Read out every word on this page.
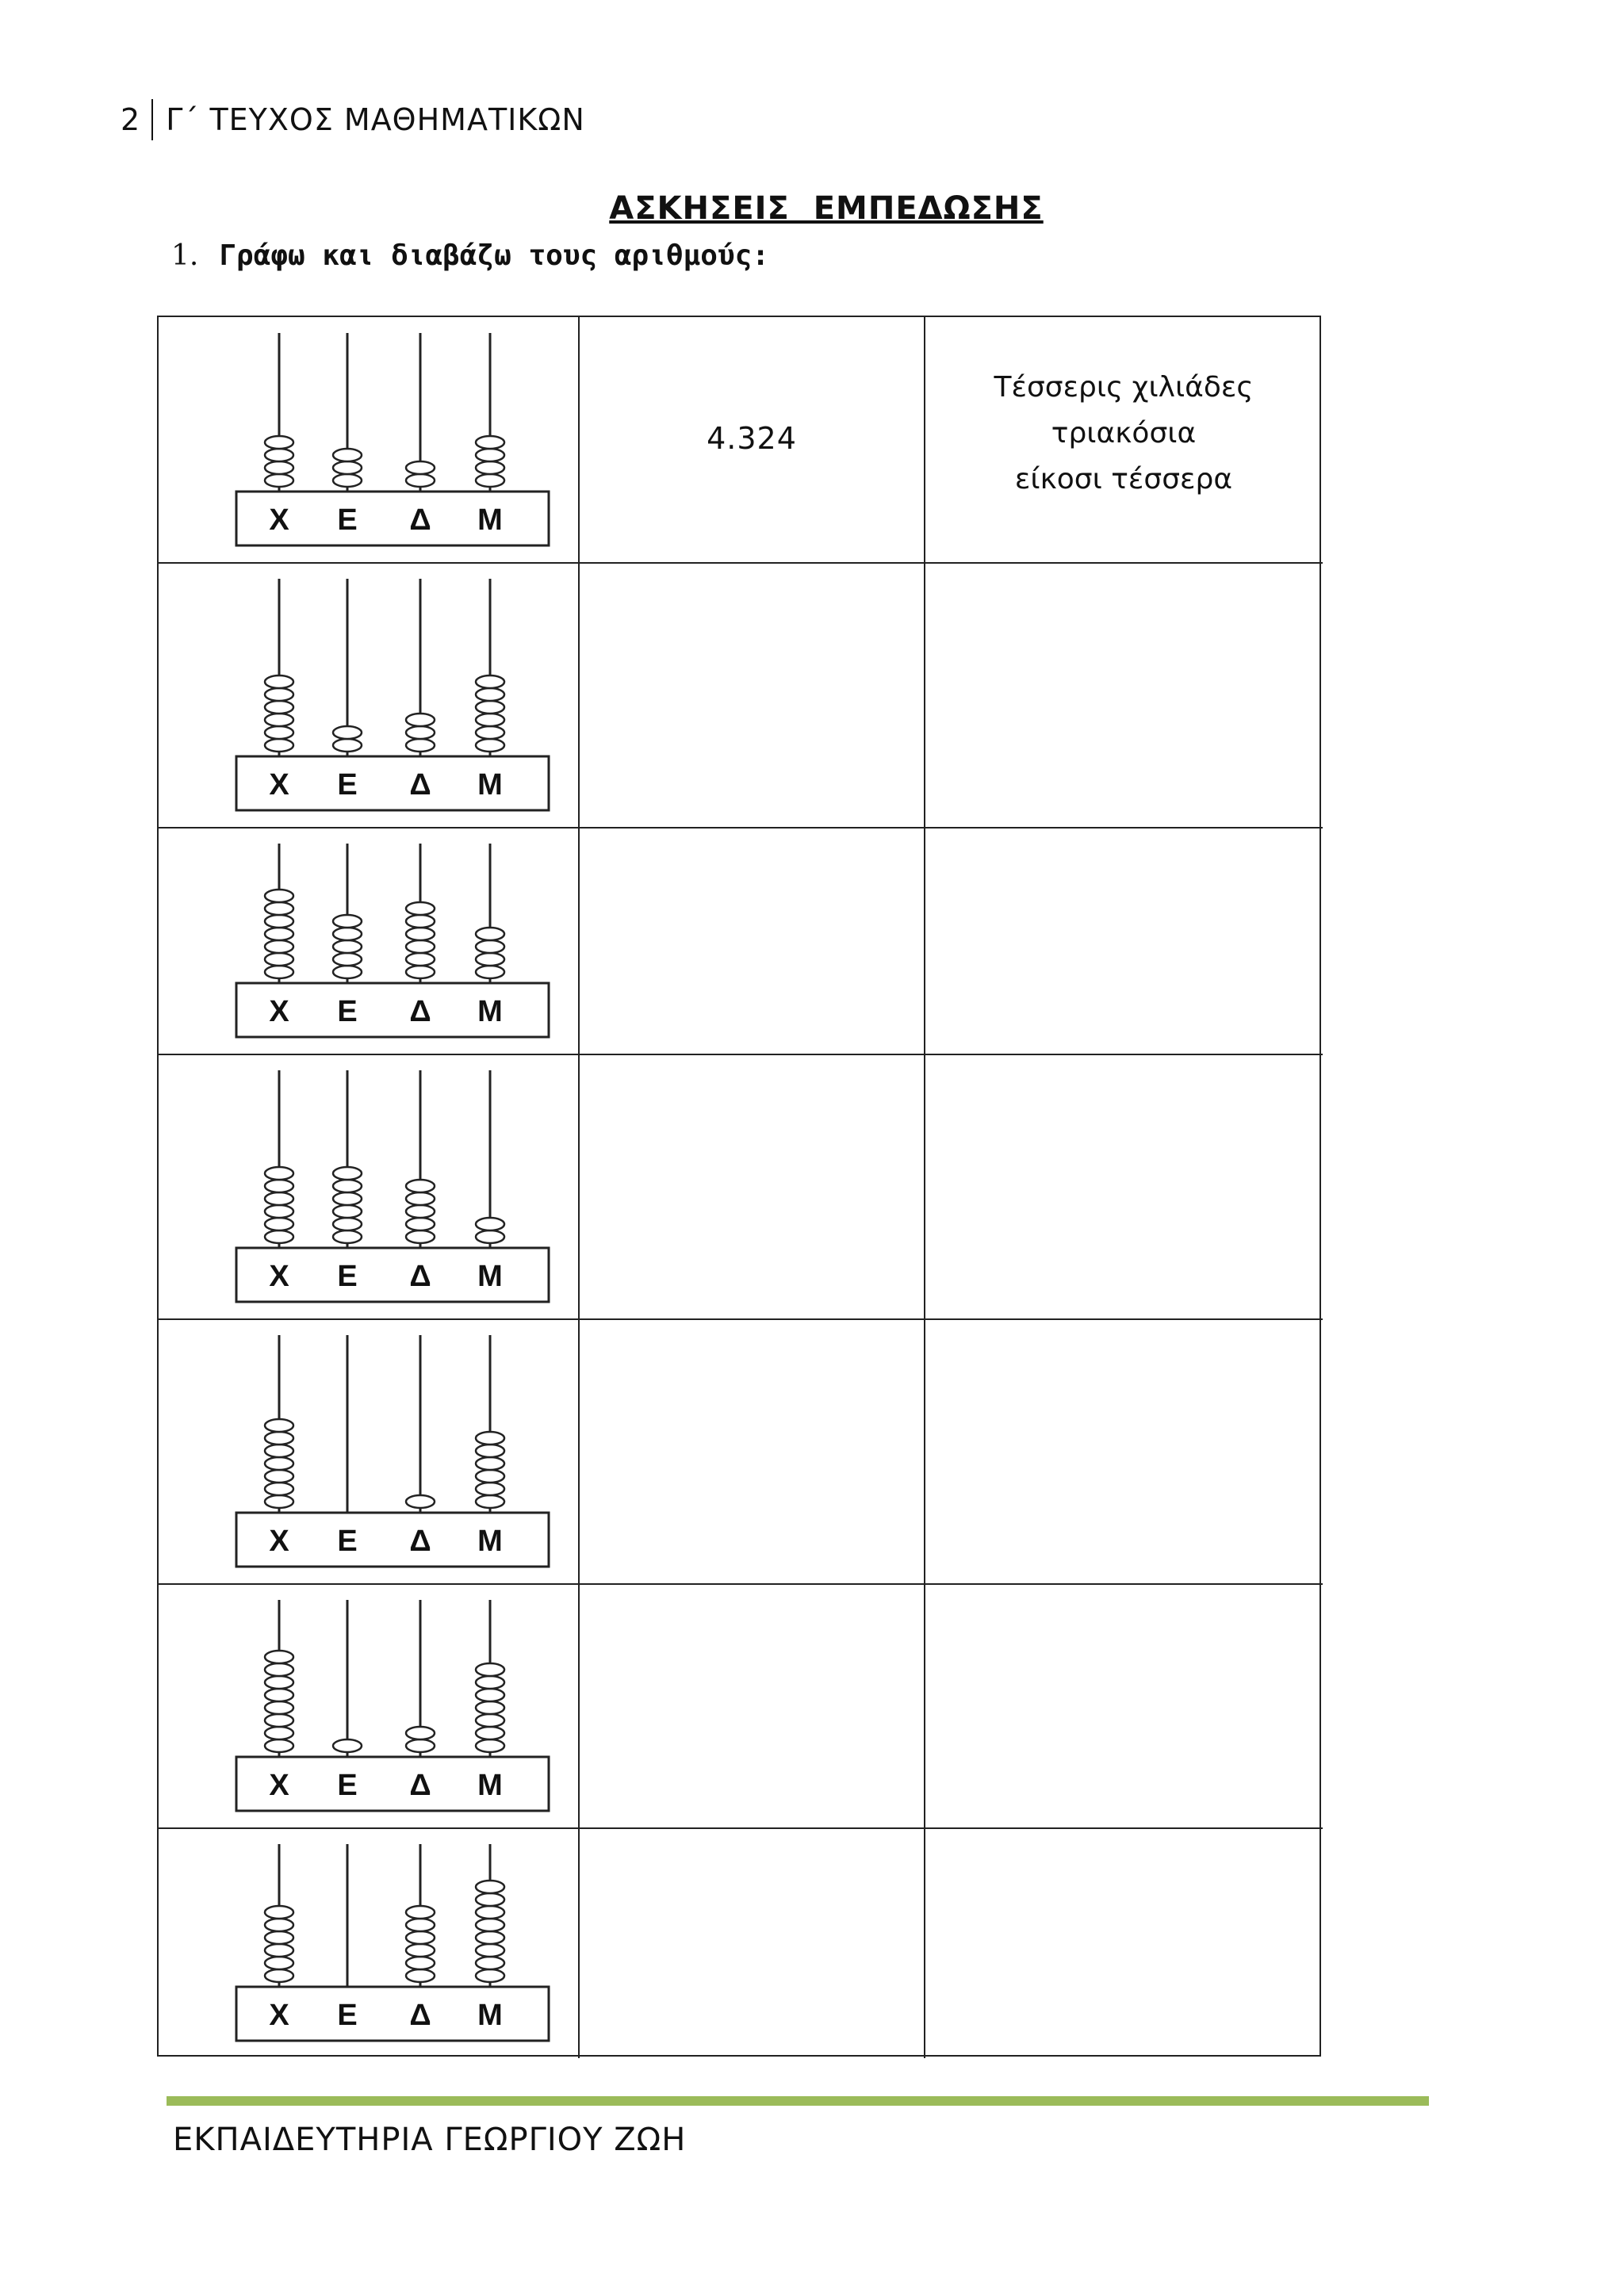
2 Γ΄ ΤΕΥΧΟΣ ΜΑΘΗΜΑΤΙΚΩΝ
ΑΣΚΗΣΕΙΣ  ΕΜΠΕΔΩΣΗΣ
1. Γράφω και διαβάζω τους αριθμούς:
Χ Ε Δ Μ
Χ Ε Δ Μ
Χ Ε Δ Μ
Χ Ε Δ Μ
Χ Ε Δ Μ
Χ Ε Δ Μ
Χ Ε Δ Μ
4.324
Τέσσερις χιλιάδες
τριακόσια
είκοσι τέσσερα
ΕΚΠΑΙΔΕΥΤΗΡΙΑ ΓΕΩΡΓΙΟΥ ΖΩΗ
